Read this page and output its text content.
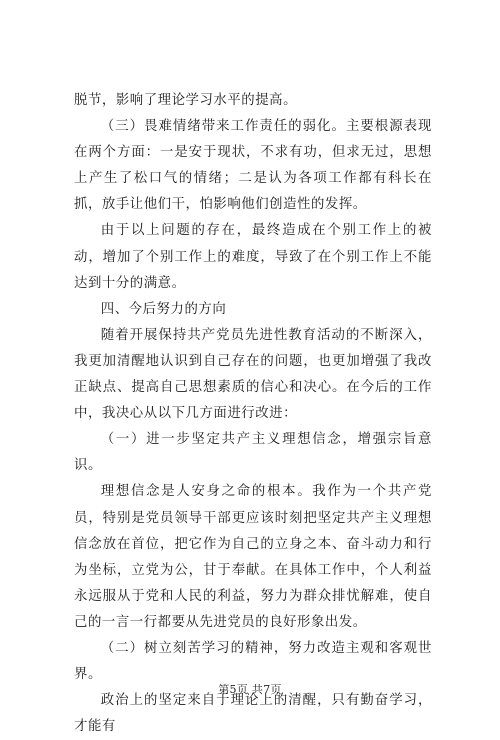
脱节，影响了理论学习水平的提高。

（三）畏难情绪带来工作责任的弱化。主要根源表现在两个方面：一是安于现状，不求有功，但求无过，思想上产生了松口气的情绪；二是认为各项工作都有科长在抓，放手让他们干，怕影响他们创造性的发挥。

由于以上问题的存在，最终造成在个别工作上的被动，增加了个别工作上的难度，导致了在个别工作上不能达到十分的满意。

四、今后努力的方向

随着开展保持共产党员先进性教育活动的不断深入，我更加清醒地认识到自己存在的问题，也更加增强了我改正缺点、提高自己思想素质的信心和决心。在今后的工作中，我决心从以下几方面进行改进：

（一）进一步坚定共产主义理想信念，增强宗旨意识。

理想信念是人安身之命的根本。我作为一个共产党员，特别是党员领导干部更应该时刻把坚定共产主义理想信念放在首位，把它作为自己的立身之本、奋斗动力和行为坐标，立党为公，甘于奉献。在具体工作中，个人利益永远服从于党和人民的利益，努力为群众排忧解难，使自己的一言一行都要从先进党员的良好形象出发。

（二）树立刻苦学习的精神，努力改造主观和客观世界。

政治上的坚定来自于理论上的清醒，只有勤奋学习，才能有

第5页 共7页
